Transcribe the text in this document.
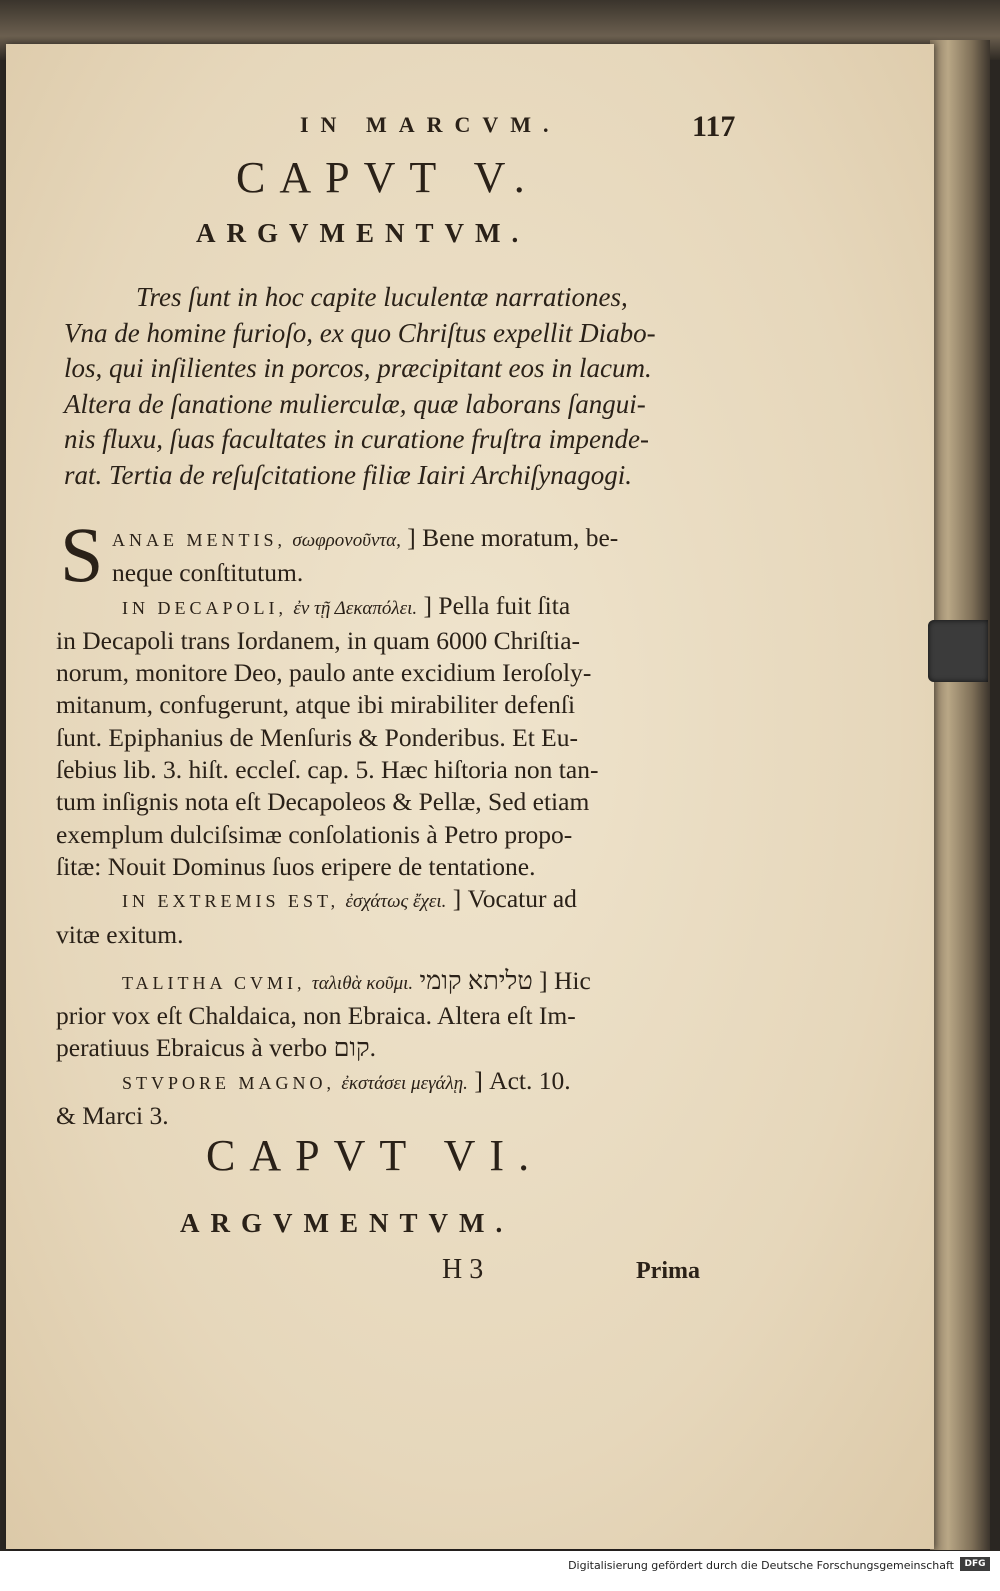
IN MARCVM.	117
CAPVT V.
ARGVMENTVM.
Tres ſunt in hoc capite luculentæ narrationes,
Vna de homine furioſo, ex quo Chriſtus expellit Diabo-
los, qui inſilientes in porcos, præcipitant eos in lacum.
Altera de ſanatione mulierculæ, quæ laborans ſangui-
nis fluxu, ſuas facultates in curatione fruſtra impende-
rat. Tertia de reſuſcitatione filiæ Iairi Archiſynagogi.
S ANAE MENTIS, σωφρονοῦντα, ] Bene moratum, be-
neque conſtitutum.
IN DECAPOLI, ἐν τῇ Δεκαπόλει. ] Pella fuit ſita
in Decapoli trans Iordanem, in quam 6000 Chriſtia-
norum, monitore Deo, paulo ante excidium Ieroſoly-
mitanum, confugerunt, atque ibi mirabiliter defenſi
ſunt. Epiphanius de Menſuris & Ponderibus. Et Eu-
ſebius lib. 3. hiſt. eccleſ. cap. 5. Hæc hiſtoria non tan-
tum inſignis nota eſt Decapoleos & Pellæ, Sed etiam
exemplum dulciſsimæ conſolationis à Petro propo-
ſitæ: Nouit Dominus ſuos eripere de tentatione.
IN EXTREMIS EST, ἐσχάτως ἔχει. ] Vocatur ad
vitæ exitum.
TALITHA CVMI, ταλιθὰ κοῦμι. טליתא קומי ] Hic
prior vox eſt Chaldaica, non Ebraica. Altera eſt Im-
peratiuus Ebraicus à verbo קום.
STVPORE MAGNO, ἐκστάσει μεγάλῃ. ] Act. 10.
& Marci 3.
CAPVT VI.
ARGVMENTVM.
H 3	Prima
Digitalisierung gefördert durch die Deutsche Forschungsgemeinschaft	DFG
